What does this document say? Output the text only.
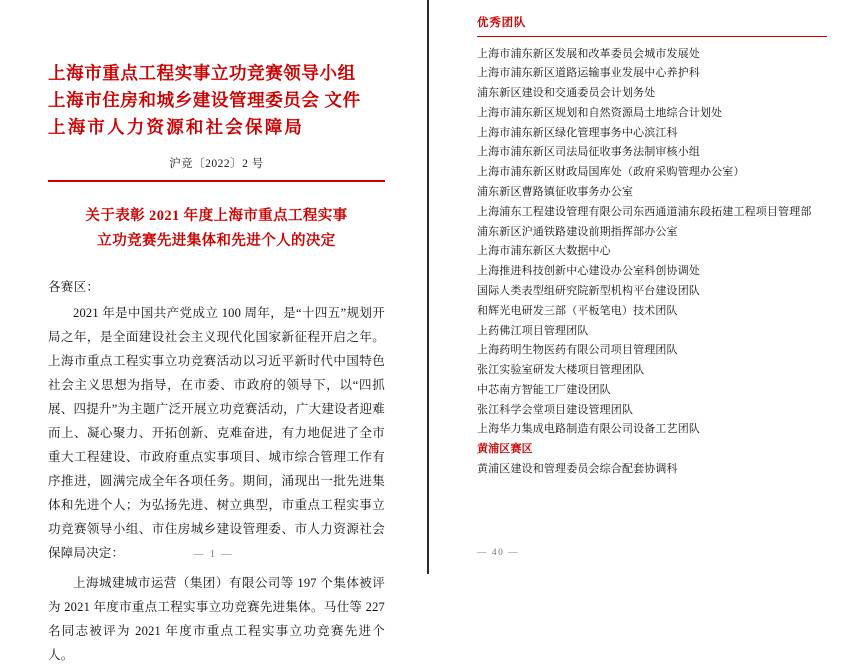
上海市重点工程实事立功竞赛领导小组
上海市住房和城乡建设管理委员会 文件
上海市人力资源和社会保障局
沪竞〔2022〕2 号
关于表彰 2021 年度上海市重点工程实事
立功竞赛先进集体和先进个人的决定
各赛区：
2021 年是中国共产党成立 100 周年，是“十四五”规划开局之年，是全面建设社会主义现代化国家新征程开启之年。上海市重点工程实事立功竞赛活动以习近平新时代中国特色社会主义思想为指导，在市委、市政府的领导下，以“四抓展、四提升”为主题广泛开展立功竞赛活动，广大建设者迎难而上、凝心聚力、开拓创新、克难奋进，有力地促进了全市重大工程建设、市政府重点实事项目、城市综合管理工作有序推进，圆满完成全年各项任务。期间，涌现出一批先进集体和先进个人；为弘扬先进、树立典型，市重点工程实事立功竞赛领导小组、市住房城乡建设管理委、市人力资源社会保障局决定：
上海城建城市运营（集团）有限公司等 197 个集体被评为 2021 年度市重点工程实事立功竞赛先进集体。马仕等 227 名同志被评为 2021 年度市重点工程实事立功竞赛先进个人。
— 1 —
优秀团队
上海市浦东新区发展和改革委员会城市发展处
上海市浦东新区道路运输事业发展中心养护科
浦东新区建设和交通委员会计划务处
上海市浦东新区规划和自然资源局土地综合计划处
上海市浦东新区绿化管理事务中心滨江科
上海市浦东新区司法局征收事务法制审核小组
上海市浦东新区财政局国库处（政府采购管理办公室）
浦东新区曹路镇征收事务办公室
上海浦东工程建设管理有限公司东西通道浦东段拓建工程项目管理部
浦东新区沪通铁路建设前期指挥部办公室
上海市浦东新区大数据中心
上海推进科技创新中心建设办公室科创协调处
国际人类表型组研究院新型机构平台建设团队
和辉光电研发三部（平板笔电）技术团队
上药佛江项目管理团队
上海药明生物医药有限公司项目管理团队
张江实验室研发大楼项目管理团队
中芯南方智能工厂建设团队
张江科学会堂项目建设管理团队
上海华力集成电路制造有限公司设备工艺团队
黄浦区赛区
黄浦区建设和管理委员会综合配套协调科
— 40 —
